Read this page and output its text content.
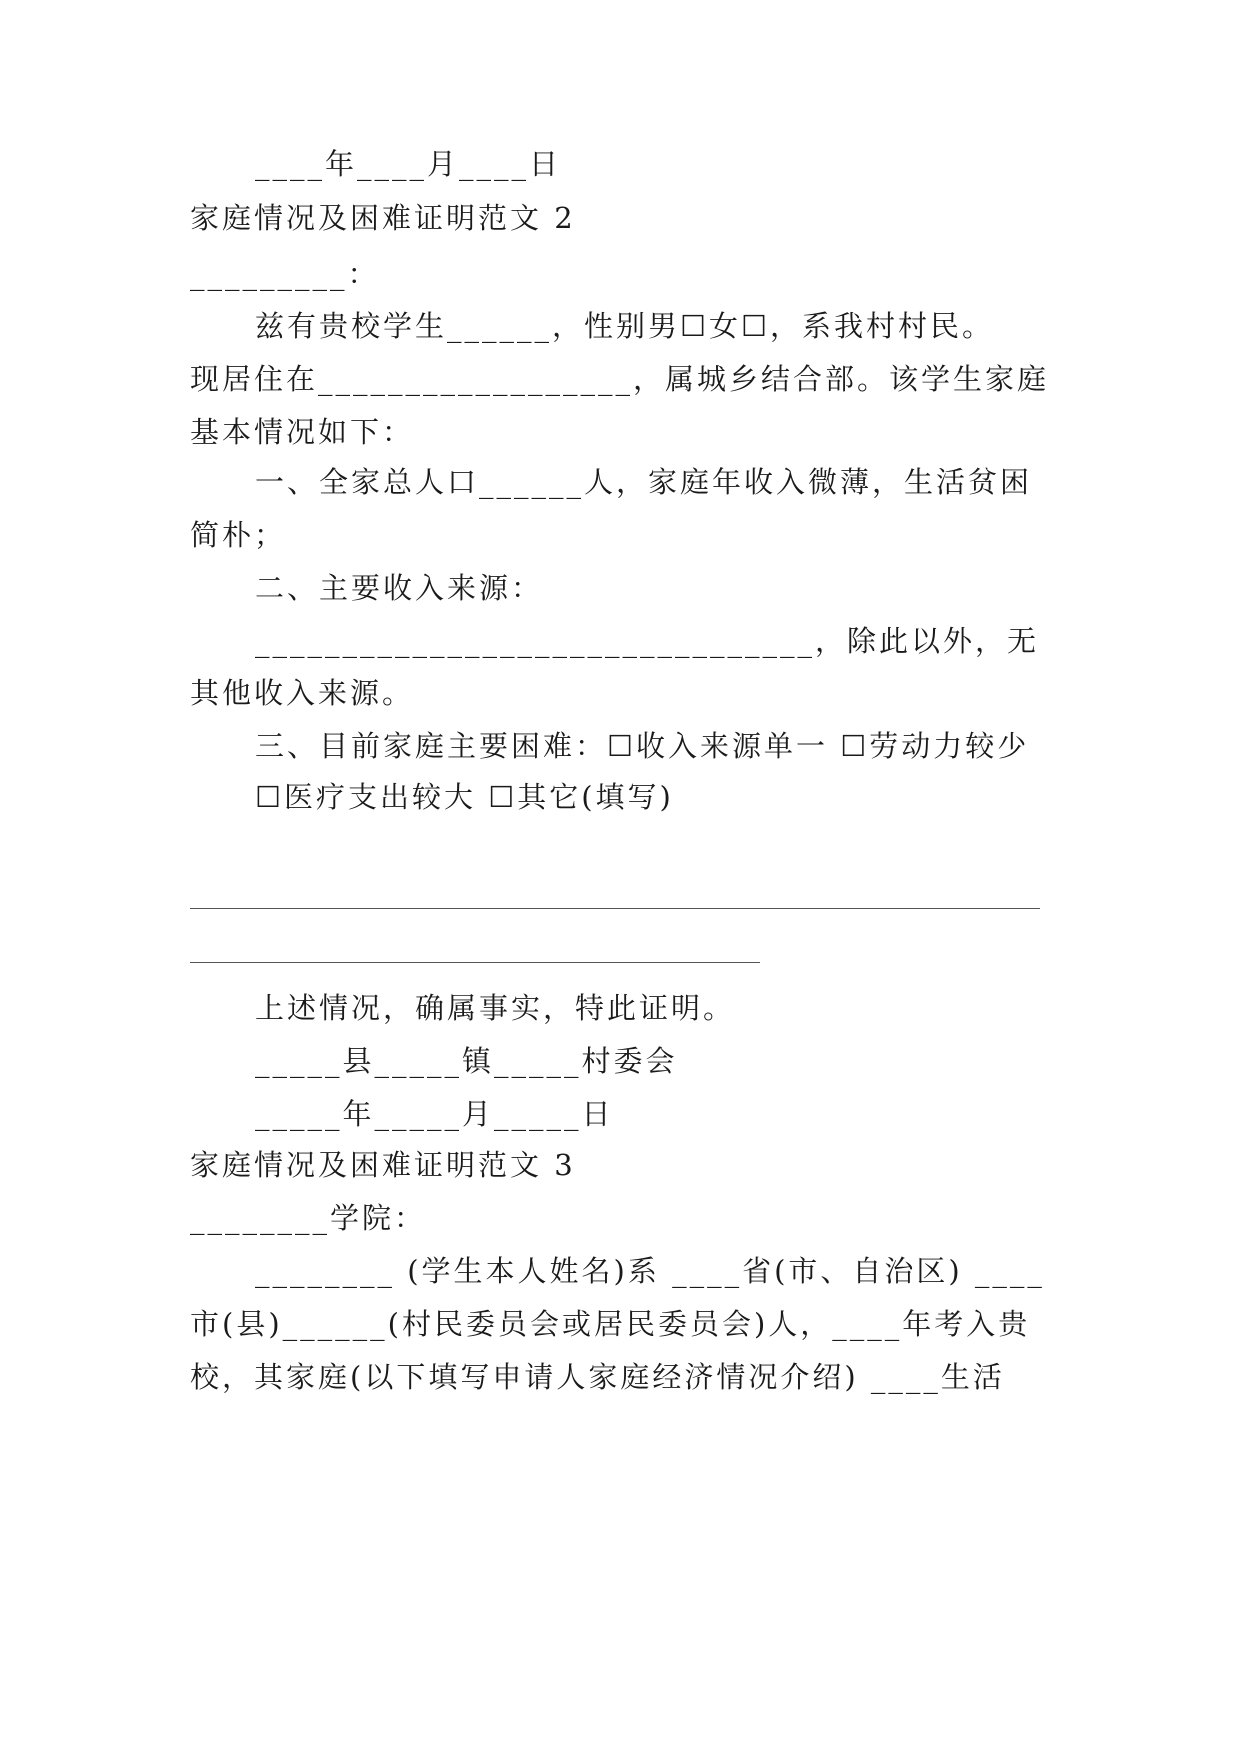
____年____月____日
家庭情况及困难证明范文 2
_________：
兹有贵校学生______，性别男☐女☐，系我村村民。
现居住在__________________，属城乡结合部。该学生家庭
基本情况如下：
一、全家总人口______人，家庭年收入微薄，生活贫困
简朴；
二、主要收入来源：
________________________________，除此以外，无
其他收入来源。
三、目前家庭主要困难：☐收入来源单一 ☐劳动力较少
☐医疗支出较大 ☐其它(填写)
上述情况，确属事实，特此证明。
_____县_____镇_____村委会
_____年_____月_____日
家庭情况及困难证明范文 3
________学院：
________ (学生本人姓名)系 ____省(市、自治区) ____
市(县)______(村民委员会或居民委员会)人，____年考入贵
校，其家庭(以下填写申请人家庭经济情况介绍) ____生活
